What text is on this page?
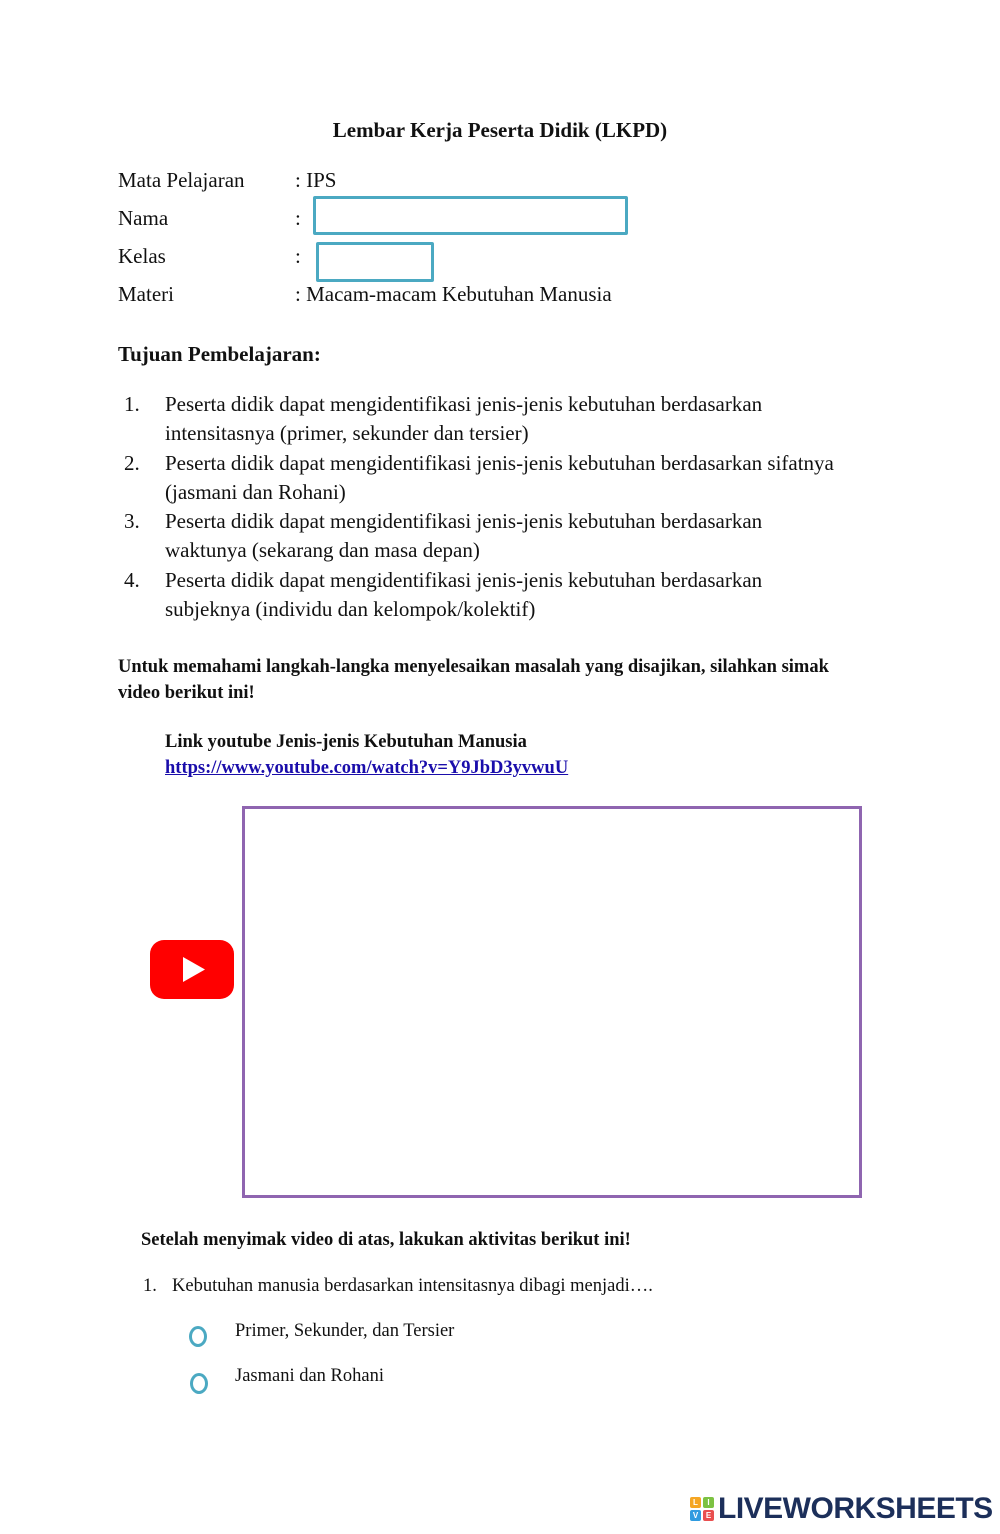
Lembar Kerja Peserta Didik (LKPD)
Mata Pelajaran : IPS
Nama	:
Kelas	:
Materi	: Macam-macam Kebutuhan Manusia
Tujuan Pembelajaran:
1. Peserta didik dapat mengidentifikasi jenis-jenis kebutuhan berdasarkan
intensitasnya (primer, sekunder dan tersier)
2. Peserta didik dapat mengidentifikasi jenis-jenis kebutuhan berdasarkan sifatnya
(jasmani dan Rohani)
3. Peserta didik dapat mengidentifikasi jenis-jenis kebutuhan berdasarkan
waktunya (sekarang dan masa depan)
4. Peserta didik dapat mengidentifikasi jenis-jenis kebutuhan berdasarkan
subjeknya (individu dan kelompok/kolektif)
Untuk memahami langkah-langka menyelesaikan masalah yang disajikan, silahkan simak
video berikut ini!
Link youtube Jenis-jenis Kebutuhan Manusia
https://www.youtube.com/watch?v=Y9JbD3yvwuU
Setelah menyimak video di atas, lakukan aktivitas berikut ini!
1. Kebutuhan manusia berdasarkan intensitasnya dibagi menjadi….
Primer, Sekunder, dan Tersier
Jasmani dan Rohani
L	I
V E LIVEWORKSHEETS
